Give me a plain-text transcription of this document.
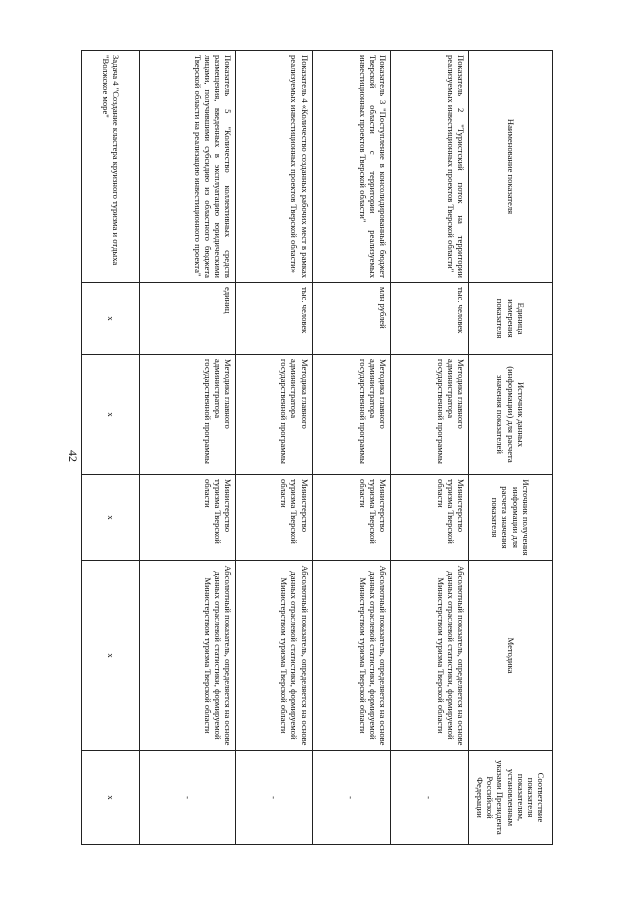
42
Наименование показателя	Единица измерения показателя	Источник данных (информации) для расчета значения показателей	Источник получения информации для расчета значения показателя	Методика	Соответствие показателя показателям, установленным указами Президента Российской Федерации
Показатель 2 "Туристский поток на территории реализуемых инвестиционных проектов Тверской области"	тыс. человек	Методика главного администратора государственной программы	Министерство туризма Тверской области	Абсолютный показатель, определяется на основе данных отраслевой статистики, формируемой Министерством туризма Тверской области	-
Показатель 3 "Поступление в консолидированный бюджет Тверской области с территории реализуемых инвестиционных проектов Тверской области"	млн рублей	Методика главного администратора государственной программы	Министерство туризма Тверской области	Абсолютный показатель, определяется на основе данных отраслевой статистики, формируемой Министерством туризма Тверской области	-
Показатель 4 «Количество созданных рабочих мест в рамках реализуемых инвестиционных проектов Тверской области»	тыс. человек	Методика главного администратора государственной программы	Министерство туризма Тверской области	Абсолютный показатель, определяется на основе данных отраслевой статистики, формируемой Министерством туризма Тверской области	-
Показатель 5 "Количество коллективных средств размещения, введенных в эксплуатацию юридическими лицами, получившими субсидию из областного бюджета Тверской области на реализацию инвестиционного проекта"	единиц	Методика главного администратора государственной программы	Министерство туризма Тверской области	Абсолютный показатель, определяется на основе данных отраслевой статистики, формируемой Министерством туризма Тверской области	-
Задача 4 "Создание кластера круизного туризма и отдыха "Волжское море"	х	х	х	х	х
